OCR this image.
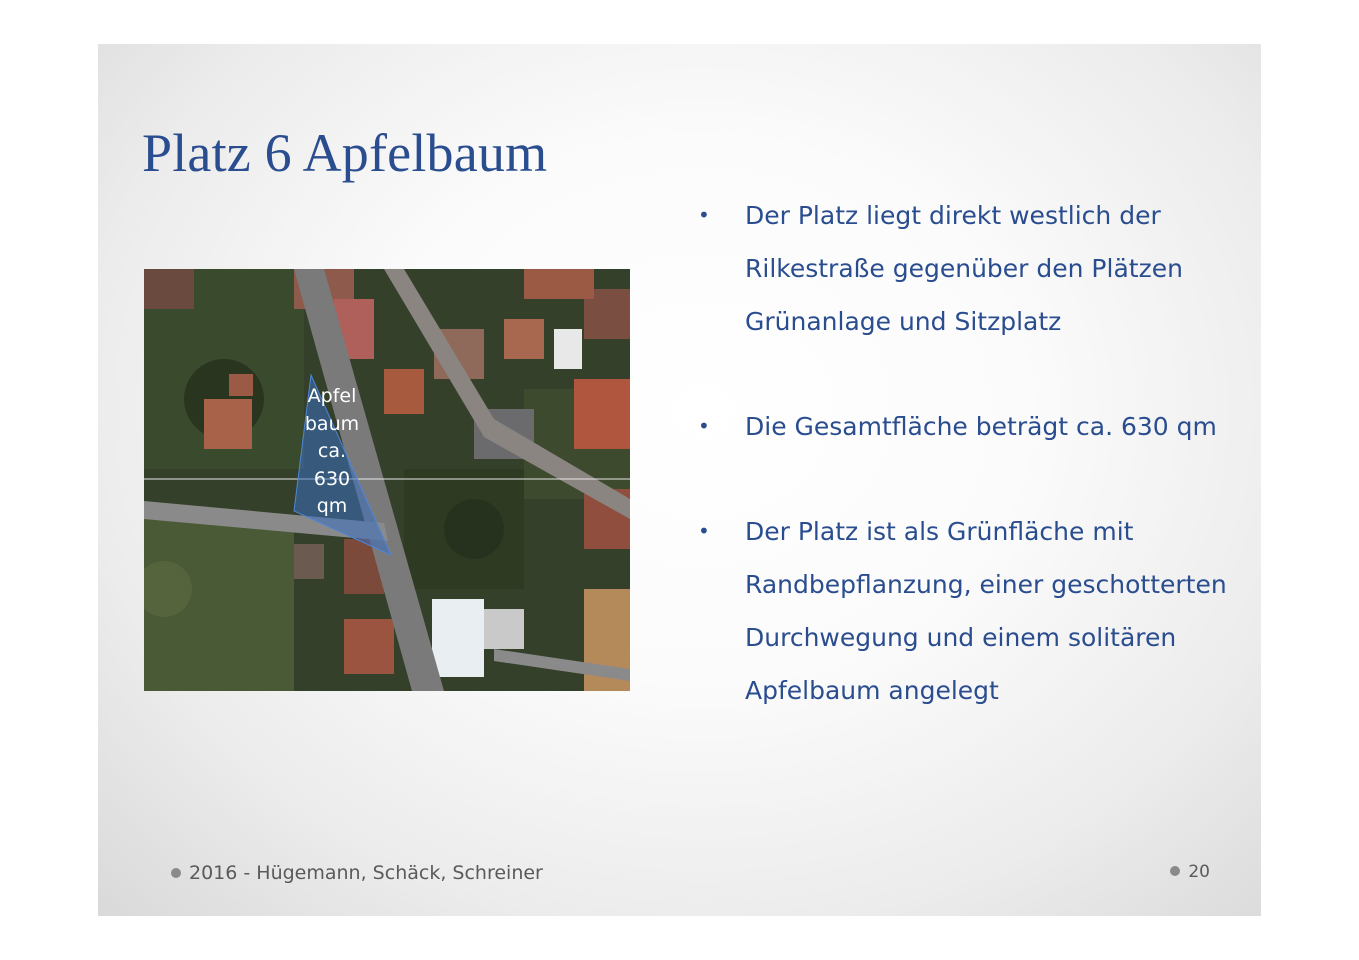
Platz 6 Apfelbaum
Apfel
baum
ca.
630
qm
• Der Platz liegt direkt westlich der Rilkestraße gegenüber den Plätzen Grünanlage und Sitzplatz
• Die Gesamtfläche beträgt ca. 630 qm
• Der Platz ist als Grünfläche mit Randbepflanzung, einer geschotterten Durchwegung und einem solitären Apfelbaum angelegt
2016 - Hügemann, Schäck, Schreiner	20
